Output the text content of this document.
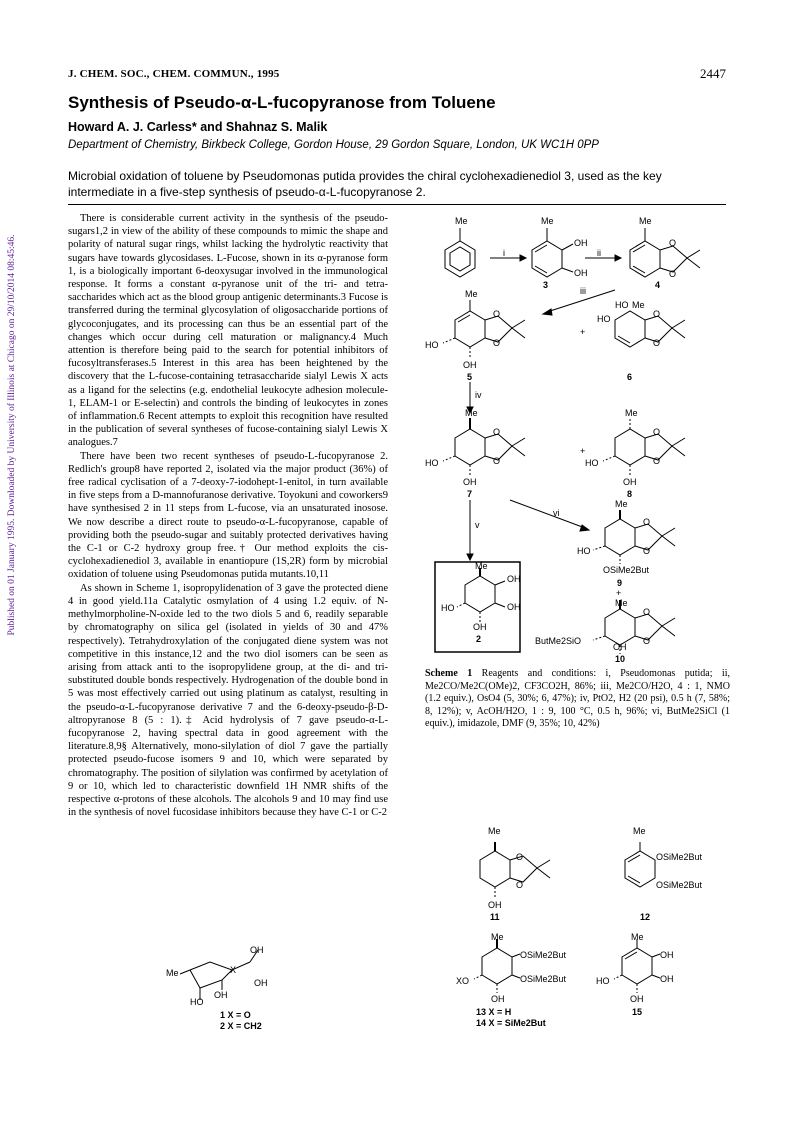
J. CHEM. SOC., CHEM. COMMUN., 1995	2447
Synthesis of Pseudo-α-L-fucopyranose from Toluene
Howard A. J. Carless* and Shahnaz S. Malik
Department of Chemistry, Birkbeck College, Gordon House, 29 Gordon Square, London, UK WC1H 0PP
Microbial oxidation of toluene by Pseudomonas putida provides the chiral cyclohexadienediol 3, used as the key intermediate in a five-step synthesis of pseudo-α-L-fucopyranose 2.
Published on 01 January 1995. Downloaded by University of Illinois at Chicago on 29/10/2014 08:45:46.

There is considerable current activity in the synthesis of the pseudo-sugars1,2 in view of the ability of these compounds to mimic the shape and polarity of natural sugar rings, whilst lacking the hydrolytic reactivity that sugars have towards glycosidases. L-Fucose, shown in its α-pyranose form 1, is a biologically important 6-deoxysugar involved in the immunological response. It forms a constant α-pyranose unit of the tri- and tetra-saccharides which act as the blood group antigenic determinants.3 Fucose is transferred during the terminal glycosylation of oligosaccharide portions of glycoconjugates, and its processing can thus be an essential part of the changes which occur during cell maturation or malignancy.4 Much attention is therefore being paid to the search for potential inhibitors of fucosyltransferases.5 Interest in this area has been heightened by the discovery that the L-fucose-containing tetrasaccharide sialyl Lewis X acts as a ligand for the selectins (e.g. endothelial leukocyte adhesion molecule-1, ELAM-1 or E-selectin) and controls the binding of leukocytes in zones of inflammation.6 Recent attempts to exploit this recognition have resulted in the publication of several syntheses of fucose-containing sialyl Lewis X analogues.7

There have been two recent syntheses of pseudo-L-fucopyranose 2. Redlich's group8 have reported 2, isolated via the major product (36%) of free radical cyclisation of a 7-deoxy-7-iodohept-1-enitol, in turn available in five steps from a D-mannofuranose derivative. Toyokuni and coworkers9 have synthesised 2 in 11 steps from L-fucose, via an unsaturated inosose. We now describe a direct route to pseudo-α-L-fucopyranose, capable of providing both the pseudo-sugar and suitably protected derivatives having the C-1 or C-2 hydroxy group free.† Our method exploits the cis-cyclohexadienediol 3, available in enantiopure (1S,2R) form by microbial oxidation of toluene using Pseudomonas putida mutants.10,11

As shown in Scheme 1, isopropylidenation of 3 gave the protected diene 4 in good yield.11a Catalytic osmylation of 4 using 1.2 equiv. of N-methylmorpholine-N-oxide led to the two diols 5 and 6, readily separable by chromatography on silica gel (isolated in yields of 30 and 47% respectively). Tetrahydroxylation of the conjugated diene system was not competitive in this instance,12 and the two diol isomers can be seen as arising from attack anti to the isopropylidene group, at the di- and tri-substituted double bonds respectively. Hydrogenation of the double bond in 5 was most effectively carried out using platinum as catalyst, resulting in the pseudo-α-L-fucopyranose derivative 7 and the 6-deoxy-pseudo-β-D-altropyranose 8 (5 : 1).‡ Acid hydrolysis of 7 gave pseudo-α-L-fucopyranose 2, having spectral data in good agreement with the literature.8,9§ Alternatively, mono-silylation of diol 7 gave the partially protected pseudo-fucose isomers 9 and 10, which were separated by chromatography. The position of silylation was confirmed by acetylation of 9 or 10, which led to characteristic downfield 1H NMR shifts of the respective α-protons of these alcohols. The alcohols 9 and 10 may find use in the synthesis of novel fucosidase inhibitors because they have C-1 or C-2

Me	Me	Me
i	ii
OH
OH
3
O
O
4
iii
Me
O
O
HO
OH
5
+
HO Me
HO	O
O
6
iv
Me
O
O
HO
OH
7
+
Me
O
O
HO
OH
8
v
vi
Me
O
O
HO
OSiMe2But
9
+
Me
O
O
ButMe2SiO
OH
10
Me
OH
OH
HO
OH
2
Scheme 1 Reagents and conditions: i, Pseudomonas putida; ii, Me2CO/Me2C(OMe)2, CF3CO2H, 86%; iii, Me2CO/H2O, 4 : 1, NMO (1.2 equiv.), OsO4 (5, 30%; 6, 47%); iv, PtO2, H2 (20 psi), 0.5 h (7, 58%; 8, 12%); v, AcOH/H2O, 1 : 9, 100 °C, 0.5 h, 96%; vi, ButMe2SiCl (1 equiv.), imidazole, DMF (9, 35%; 10, 42%)
OH
Me	X
OH
OH
HO
1 X = O
2 X = CH2
Me
O
O
OH
11
Me
OSiMe2But
OSiMe2But
12
Me
OSiMe2But
OSiMe2But
XO
OH
13 X = H
14 X = SiMe2But
Me
OH
OH
HO
OH
15
